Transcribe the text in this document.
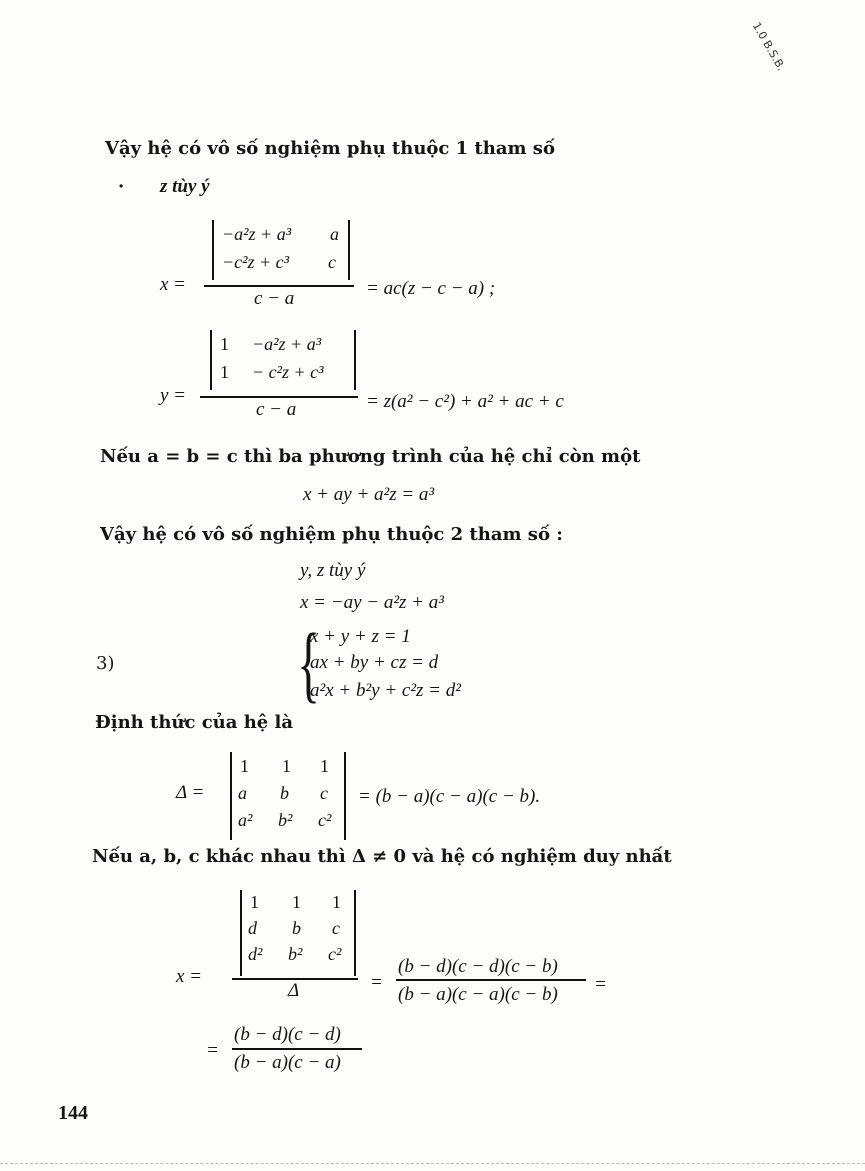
1.0 B.S.B.
Vậy hệ có vô số nghiệm phụ thuộc 1 tham số
· z tùy ý
x =
−a²z + a³ a
−c²z + c³ c
c − a	= ac(z − c − a) ;
y =
1 −a²z + a³
1 − c²z + c³
c − a	= z(a² − c²) + a² + ac + c
Nếu a = b = c thì ba phương trình của hệ chỉ còn một
x + ay + a²z = a³
Vậy hệ có vô số nghiệm phụ thuộc 2 tham số :
y, z tùy ý
x = −ay − a²z + a³
3) {
x + y + z = 1
ax + by + cz = d
a²x + b²y + c²z = d²
Định thức của hệ là
Δ =
1 1 1
a b c
a² b² c²
= (b − a)(c − a)(c − b).
Nếu a, b, c khác nhau thì Δ ≠ 0 và hệ có nghiệm duy nhất
x =
1 1 1
d b c
d² b² c²
Δ	=
(b − d)(c − d)(c − b)
(b − a)(c − a)(c − b) =
=
(b − d)(c − d)
(b − a)(c − a)
144
